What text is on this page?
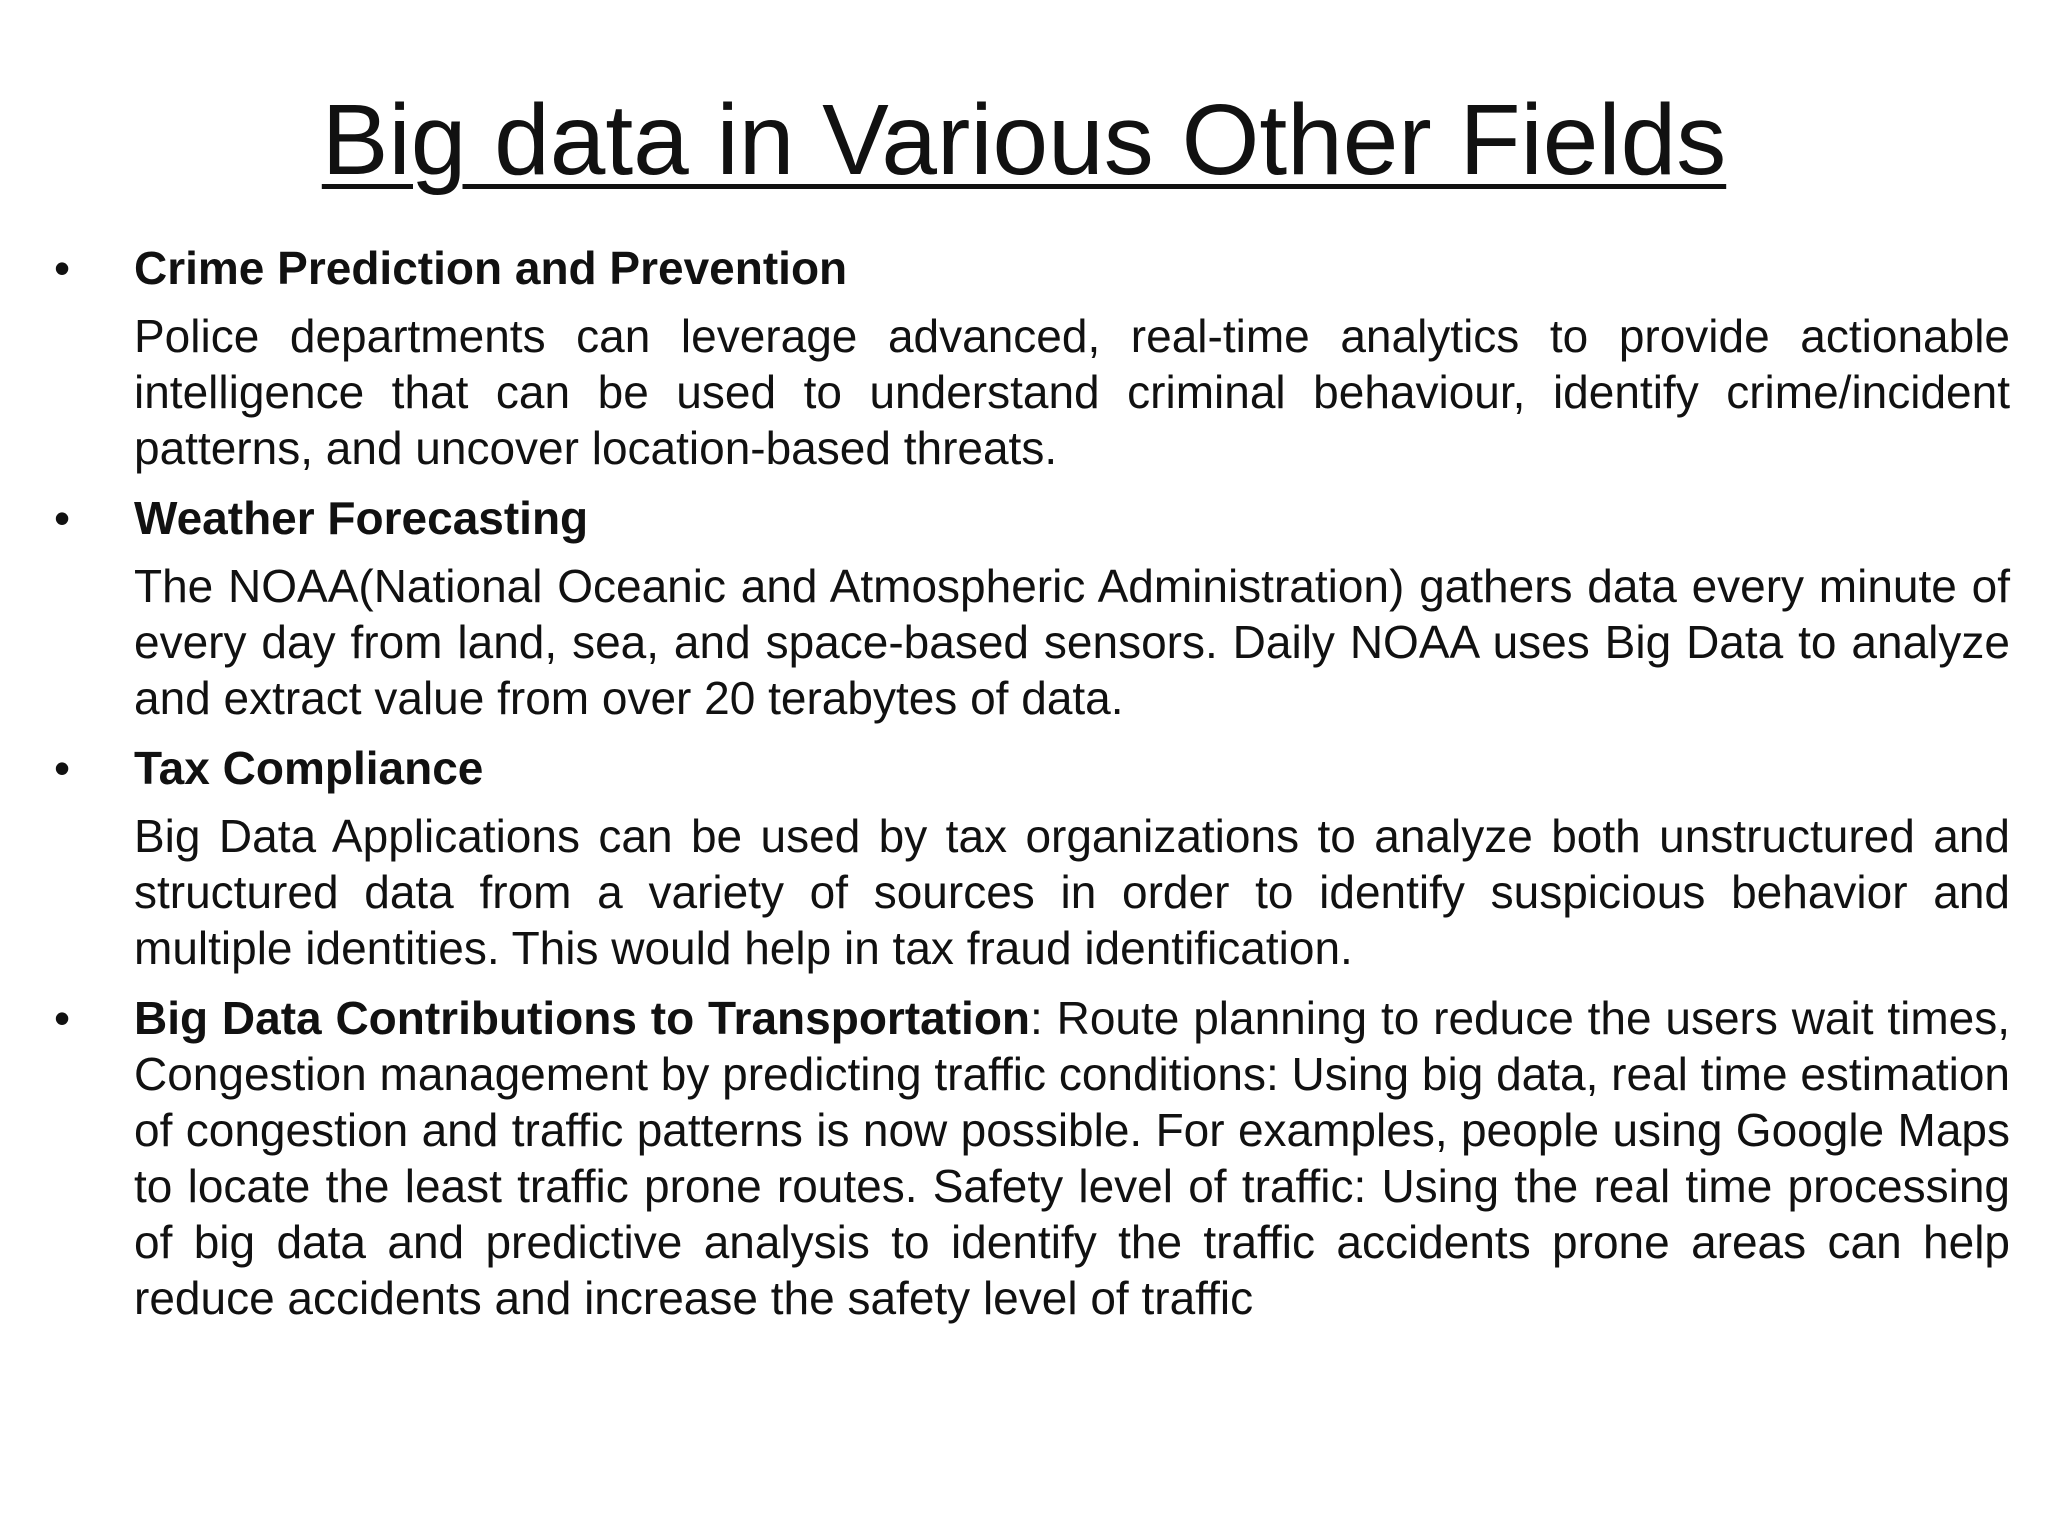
Big data in Various Other Fields
• Crime Prediction and Prevention
Police departments can leverage advanced, real-time analytics to provide actionable intelligence that can be used to understand criminal behaviour, identify crime/incident patterns, and uncover location-based threats.
• Weather Forecasting
The NOAA(National Oceanic and Atmospheric Administration) gathers data every minute of every day from land, sea, and space-based sensors. Daily NOAA uses Big Data to analyze and extract value from over 20 terabytes of data.
• Tax Compliance
Big Data Applications can be used by tax organizations to analyze both unstructured and structured data from a variety of sources in order to identify suspicious behavior and multiple identities. This would help in tax fraud identification.
• Big Data Contributions to Transportation: Route planning to reduce the users wait times, Congestion management by predicting traffic conditions: Using big data, real time estimation of congestion and traffic patterns is now possible. For examples, people using Google Maps to locate the least traffic prone routes. Safety level of traffic: Using the real time processing of big data and predictive analysis to identify the traffic accidents prone areas can help reduce accidents and increase the safety level of traffic
